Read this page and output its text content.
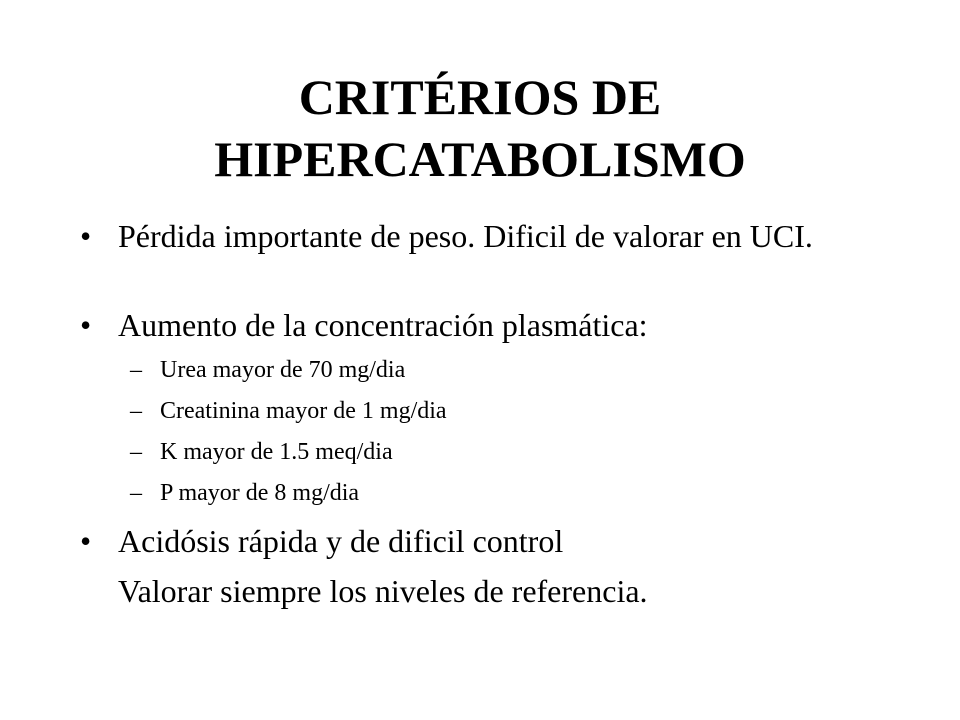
CRITÉRIOS DE
HIPERCATABOLISMO
• Pérdida importante de peso. Dificil de valorar en UCI.
• Aumento de la concentración plasmática:
– Urea mayor de 70 mg/dia
– Creatinina mayor de 1 mg/dia
– K mayor de 1.5 meq/dia
– P mayor de 8 mg/dia
• Acidósis rápida y de dificil control
Valorar siempre los niveles de referencia.
